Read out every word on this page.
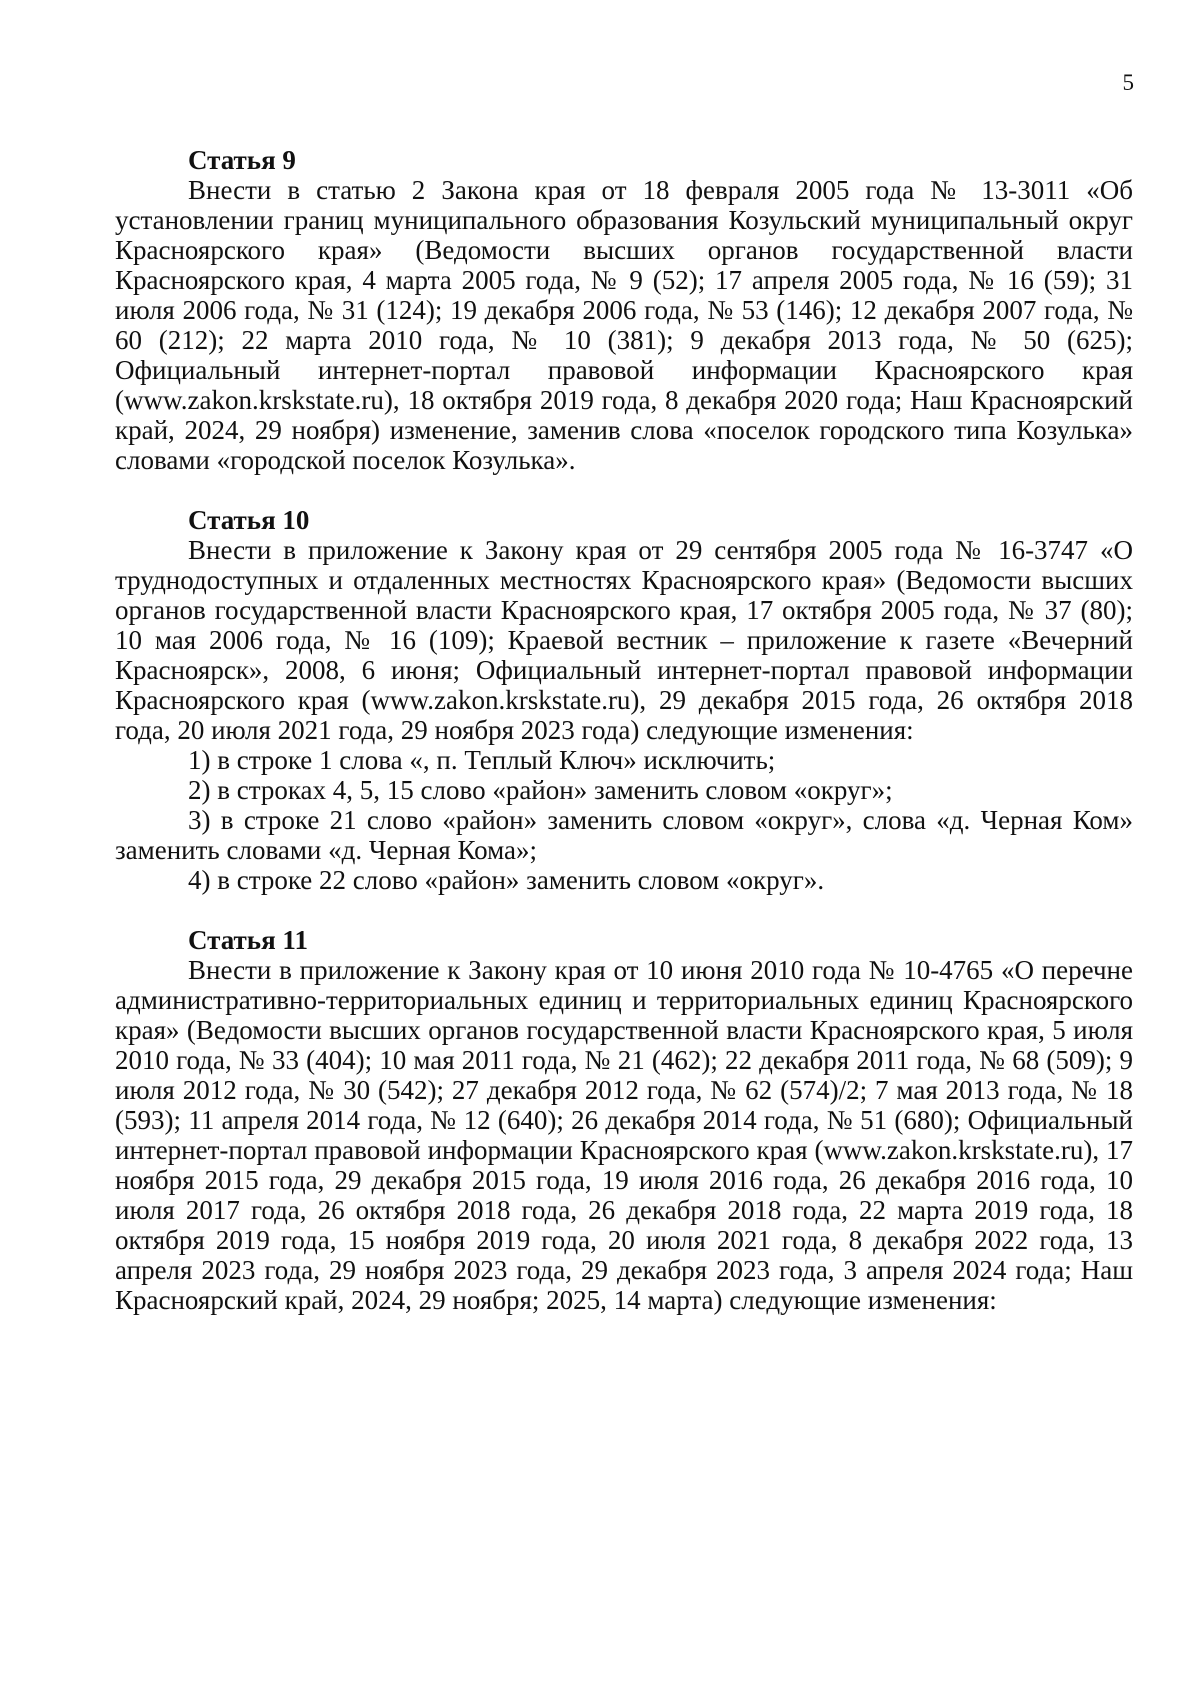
5

Статья 9

Внести в статью 2 Закона края от 18 февраля 2005 года № 13-3011 «Об установлении границ муниципального образования Козульский муниципальный округ Красноярского края» (Ведомости высших органов государственной власти Красноярского края, 4 марта 2005 года, № 9 (52); 17 апреля 2005 года, № 16 (59); 31 июля 2006 года, № 31 (124); 19 декабря 2006 года, № 53 (146); 12 декабря 2007 года, № 60 (212); 22 марта 2010 года, № 10 (381); 9 декабря 2013 года, № 50 (625); Официальный интернет-портал правовой информации Красноярского края (www.zakon.krskstate.ru), 18 октября 2019 года, 8 декабря 2020 года; Наш Красноярский край, 2024, 29 ноября) изменение, заменив слова «поселок городского типа Козулька» словами «городской поселок Козулька».

Статья 10

Внести в приложение к Закону края от 29 сентября 2005 года № 16-3747 «О труднодоступных и отдаленных местностях Красноярского края» (Ведомости высших органов государственной власти Красноярского края, 17 октября 2005 года, № 37 (80); 10 мая 2006 года, № 16 (109); Краевой вестник – приложение к газете «Вечерний Красноярск», 2008, 6 июня; Официальный интернет-портал правовой информации Красноярского края (www.zakon.krskstate.ru), 29 декабря 2015 года, 26 октября 2018 года, 20 июля 2021 года, 29 ноября 2023 года) следующие изменения:

1) в строке 1 слова «, п. Теплый Ключ» исключить;

2) в строках 4, 5, 15 слово «район» заменить словом «округ»;

3) в строке 21 слово «район» заменить словом «округ», слова «д. Черная Ком» заменить словами «д. Черная Кома»;

4) в строке 22 слово «район» заменить словом «округ».

Статья 11

Внести в приложение к Закону края от 10 июня 2010 года № 10-4765 «О перечне административно-территориальных единиц и территориальных единиц Красноярского края» (Ведомости высших органов государственной власти Красноярского края, 5 июля 2010 года, № 33 (404); 10 мая 2011 года, № 21 (462); 22 декабря 2011 года, № 68 (509); 9 июля 2012 года, № 30 (542); 27 декабря 2012 года, № 62 (574)/2; 7 мая 2013 года, № 18 (593); 11 апреля 2014 года, № 12 (640); 26 декабря 2014 года, № 51 (680); Официальный интернет-портал правовой информации Красноярского края (www.zakon.krskstate.ru), 17 ноября 2015 года, 29 декабря 2015 года, 19 июля 2016 года, 26 декабря 2016 года, 10 июля 2017 года, 26 октября 2018 года, 26 декабря 2018 года, 22 марта 2019 года, 18 октября 2019 года, 15 ноября 2019 года, 20 июля 2021 года, 8 декабря 2022 года, 13 апреля 2023 года, 29 ноября 2023 года, 29 декабря 2023 года, 3 апреля 2024 года; Наш Красноярский край, 2024, 29 ноября; 2025, 14 марта) следующие изменения:
